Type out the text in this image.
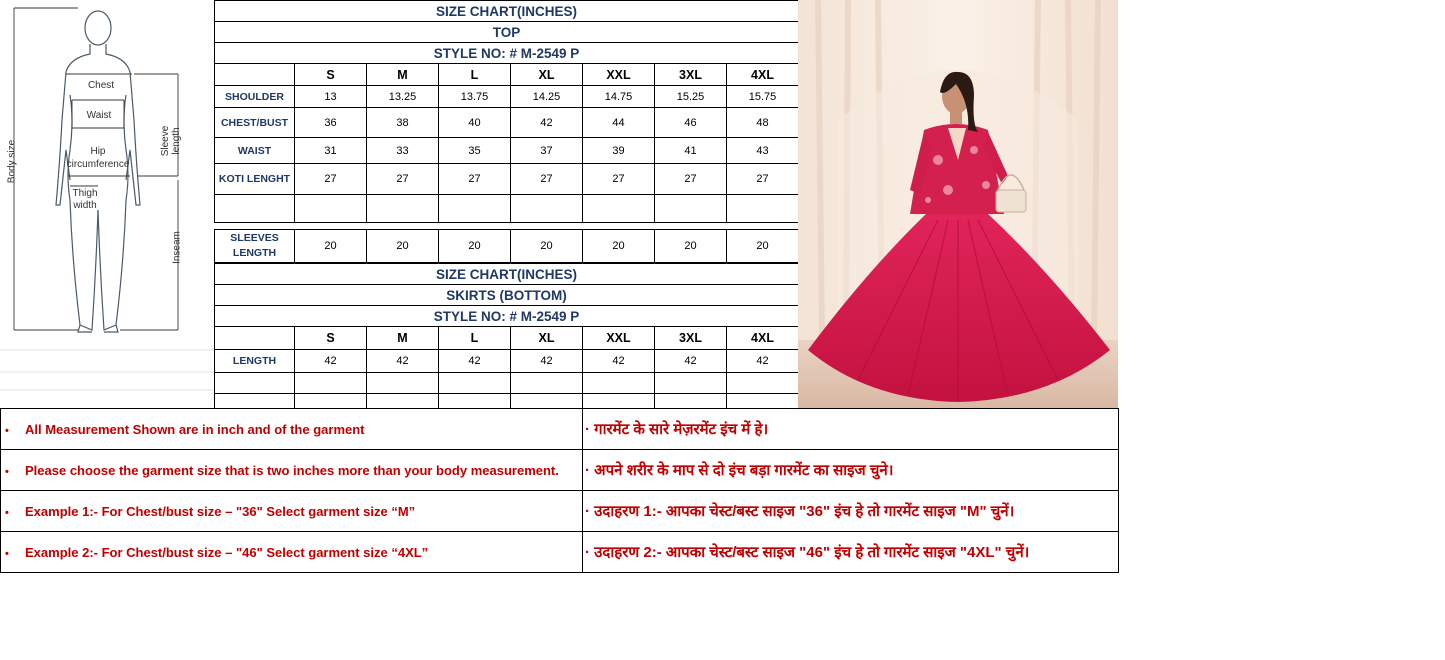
Chest
Waist
Hip
circumference
Thigh
width
Sleeve
length
Body size
Inseam
SIZE CHART(INCHES)							
TOP							
STYLE NO: # M-2549 P							
	S	M	L	XL	XXL	3XL	4XL
SHOULDER	13	13.25	13.75	14.25	14.75	15.25	15.75
CHEST/BUST	36	38	40	42	44	46	48
WAIST	31	33	35	37	39	41	43
KOTI LENGHT	27	27	27	27	27	27	27

SLEEVES
LENGTH	20	20	20	20	20	20	20
SIZE CHART(INCHES)							
SKIRTS (BOTTOM)							
STYLE NO: # M-2549 P							
	S	M	L	XL	XXL	3XL	4XL
LENGTH	42	42	42	42	42	42	42

• All Measurement Shown are in inch and of the garment	· गारमेंट के सारे मेज़रमेंट इंच में हे।
• Please choose the garment size that is two inches more than your body measurement.	· अपने शरीर के माप से दो इंच बड़ा गारमेंट का साइज चुने।
• Example 1:- For Chest/bust size – "36" Select garment size “M”	· उदाहरण 1:- आपका चेस्ट/बस्ट साइज "36" इंच हे तो गारमेंट साइज "M" चुनें।
• Example 2:- For Chest/bust size – "46" Select garment size “4XL”	· उदाहरण 2:- आपका चेस्ट/बस्ट साइज "46" इंच हे तो गारमेंट साइज "4XL" चुनें।
